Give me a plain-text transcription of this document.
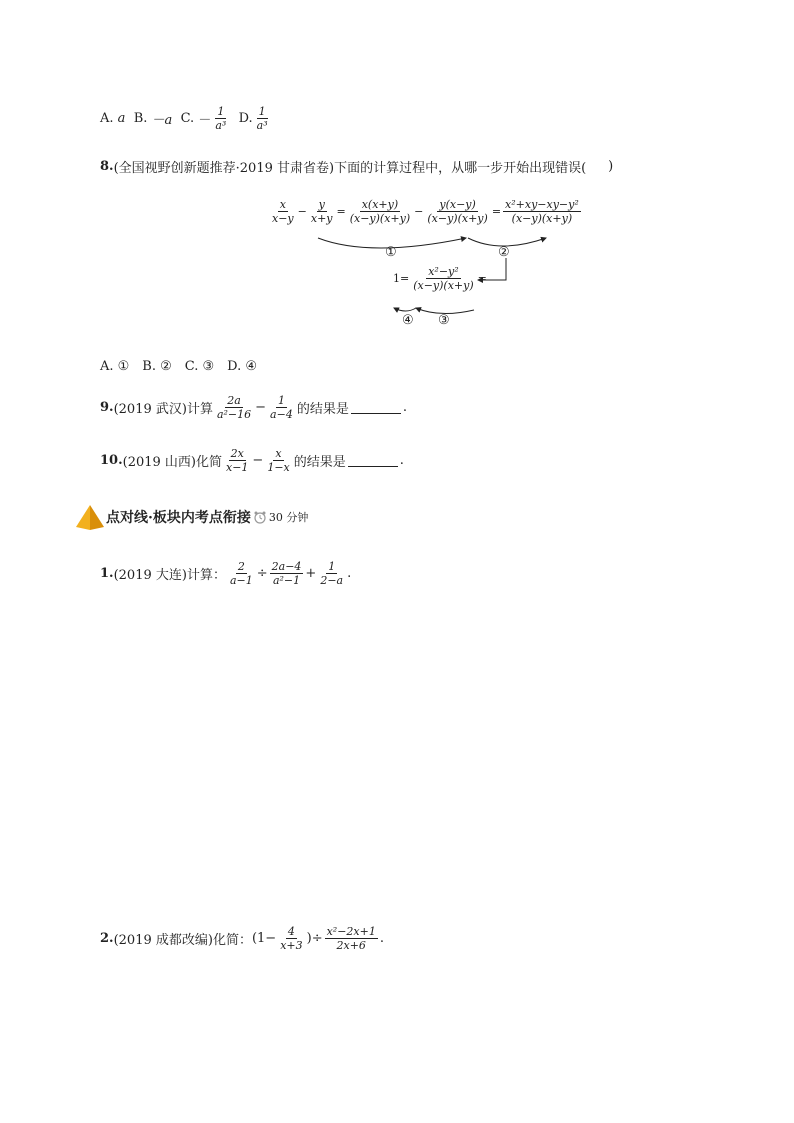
A.
a
B.
－a
C.
－ $\frac{1}{\text{a³}}$
D. $\frac{1}{\text{a³}}$
8. (全国视野创新题推荐·2019 甘肃省卷)下面的计算过程中，从哪一步开始出现错误( )
$\frac{x}{x-y} - \frac{y}{x+y} = \frac{x(x+y)}{(x-y)(x+y)} - \frac{y(x-y)}{(x-y)(x+y)} = \frac{\text{x²+xy−xy−y²}}{(x-y)(x+y)}$
①	②
$1 = \frac{\text{x²−y²}}{(x-y)(x+y)}$ =
④ ③
A. ①　B. ②　C. ③　D. ④
9. (2019 武汉)计算 $\frac{2a}{\text{a²−16}} - \frac{1}{a-4}$ 的结果是	.
10. (2019 山西)化简 $\frac{2x}{x-1} - \frac{x}{1-x}$ 的结果是	.
点对线·板块内考点衔接 30 分钟
1. (2019 大连)计算： $\frac{2}{a-1} \div \frac{2a-4}{\text{a²−1}} + \frac{1}{2-a}$ .
2. (2019 成都改编)化简： ($1- \frac{4}{x+3}$ )÷ $\frac{\text{x²−2x+1}}{2x+6}$ .
